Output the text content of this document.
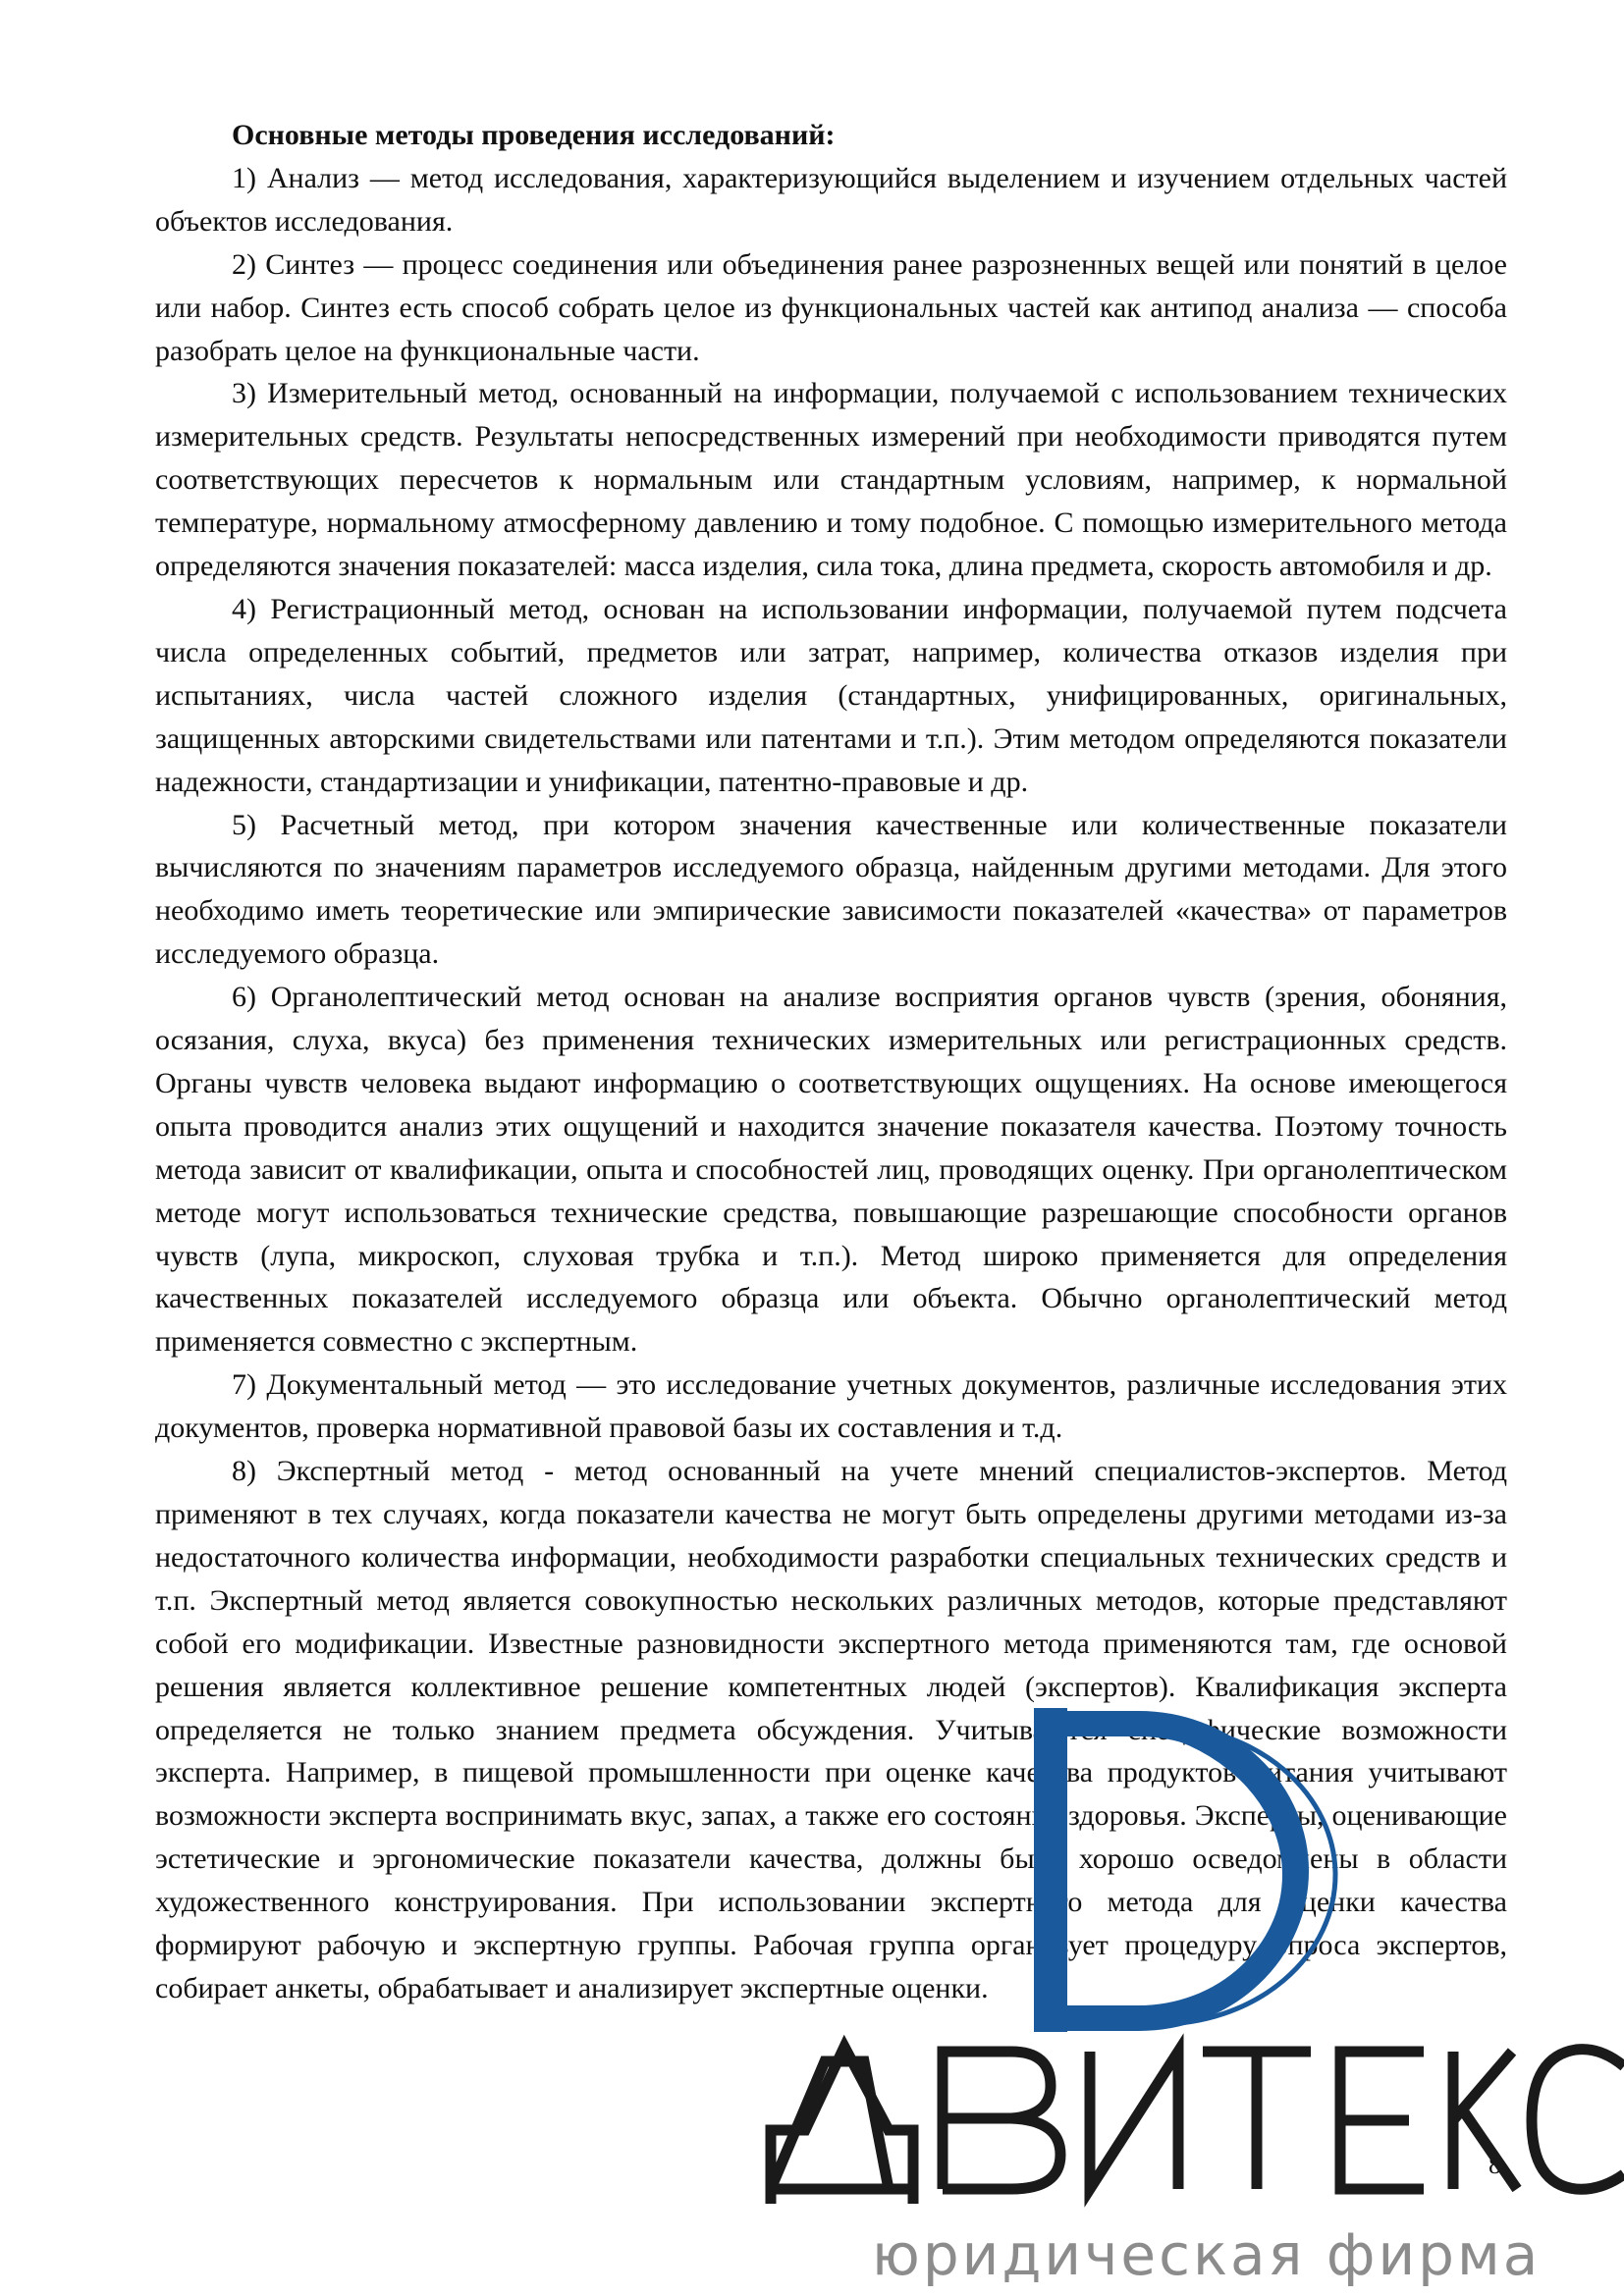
Основные методы проведения исследований:

1) Анализ — метод исследования, характеризующийся выделением и изучением отдельных частей объектов исследования.

2) Синтез — процесс соединения или объединения ранее разрозненных вещей или понятий в целое или набор. Синтез есть способ собрать целое из функциональных частей как антипод анализа — способа разобрать целое на функциональные части.

3) Измерительный метод, основанный на информации, получаемой с использованием технических измерительных средств. Результаты непосредственных измерений при необходимости приводятся путем соответствующих пересчетов к нормальным или стандартным условиям, например, к нормальной температуре, нормальному атмосферному давлению и тому подобное. С помощью измерительного метода определяются значения показателей: масса изделия, сила тока, длина предмета, скорость автомобиля и др.

4) Регистрационный метод, основан на использовании информации, получаемой путем подсчета числа определенных событий, предметов или затрат, например, количества отказов изделия при испытаниях, числа частей сложного изделия (стандартных, унифицированных, оригинальных, защищенных авторскими свидетельствами или патентами и т.п.). Этим методом определяются показатели надежности, стандартизации и унификации, патентно-правовые и др.

5) Расчетный метод, при котором значения качественные или количественные показатели вычисляются по значениям параметров исследуемого образца, найденным другими методами. Для этого необходимо иметь теоретические или эмпирические зависимости показателей «качества» от параметров исследуемого образца.

6) Органолептический метод основан на анализе восприятия органов чувств (зрения, обоняния, осязания, слуха, вкуса) без применения технических измерительных или регистрационных средств. Органы чувств человека выдают информацию о соответствующих ощущениях. На основе имеющегося опыта проводится анализ этих ощущений и находится значение показателя качества. Поэтому точность метода зависит от квалификации, опыта и способностей лиц, проводящих оценку. При органолептическом методе могут использоваться технические средства, повышающие разрешающие способности органов чувств (лупа, микроскоп, слуховая трубка и т.п.). Метод широко применяется для определения качественных показателей исследуемого образца или объекта. Обычно органолептический метод применяется совместно с экспертным.

7) Документальный метод — это исследование учетных документов, различные исследования этих документов, проверка нормативной правовой базы их составления и т.д.

8) Экспертный метод - метод основанный на учете мнений специалистов-экспертов. Метод применяют в тех случаях, когда показатели качества не могут быть определены другими методами из-за недостаточного количества информации, необходимости разработки специальных технических средств и т.п. Экспертный метод является совокупностью нескольких различных методов, которые представляют собой его модификации. Известные разновидности экспертного метода применяются там, где основой решения является коллективное решение компетентных людей (экспертов). Квалификация эксперта определяется не только знанием предмета обсуждения. Учитываются специфические возможности эксперта. Например, в пищевой промышленности при оценке качества продуктов питания учитывают возможности эксперта воспринимать вкус, запах, а также его состояние здоровья. Эксперты, оценивающие эстетические и эргономические показатели качества, должны быть хорошо осведомлены в области художественного конструирования. При использовании экспертного метода для оценки качества формируют рабочую и экспертную группы. Рабочая группа организует процедуру опроса экспертов, собирает анкеты, обрабатывает и анализирует экспертные оценки.

8
юридическая фирма
